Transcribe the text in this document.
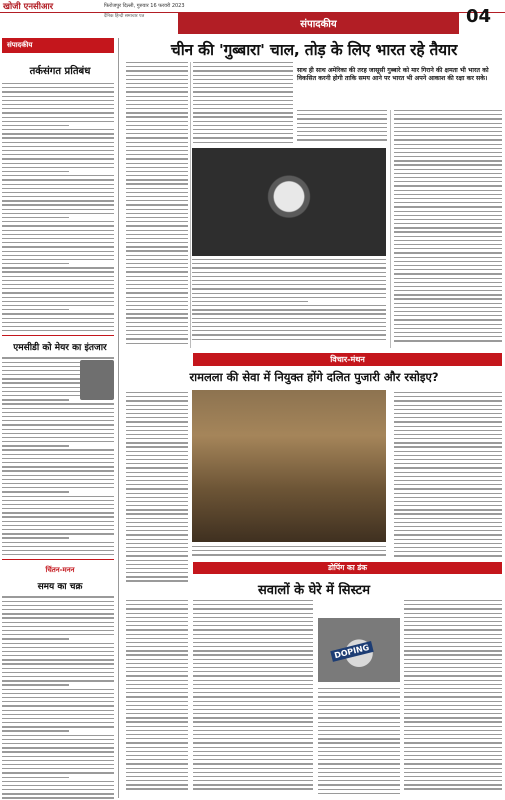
खोजी एनसीआर	फिरोजपुर दिल्ली, गुरुवार 16 फरवरी 2023
दैनिक हिन्दी समाचार पत्र
संपादकीय	04
संपादकीय
तर्कसंगत प्रतिबंध
एमसीडी को मेयर का इंतजार
चिंतन-मनन
समय का चक्र
चीन की 'गुब्बारा' चाल, तोड़ के लिए भारत रहे तैयार
साथ ही साथ अमेरिका की तरह जासूसी गुब्बारे को मार गिराने की क्षमता भी भारत को विकसित करनी होगी ताकि समय आने पर भारत भी अपने आकाश की रक्षा कर सके।
विचार-मंथन
रामलला की सेवा में नियुक्त होंगे दलित पुजारी और रसोइए?
डोपिंग का डंक
सवालों के घेरे में सिस्टम
DOPING
